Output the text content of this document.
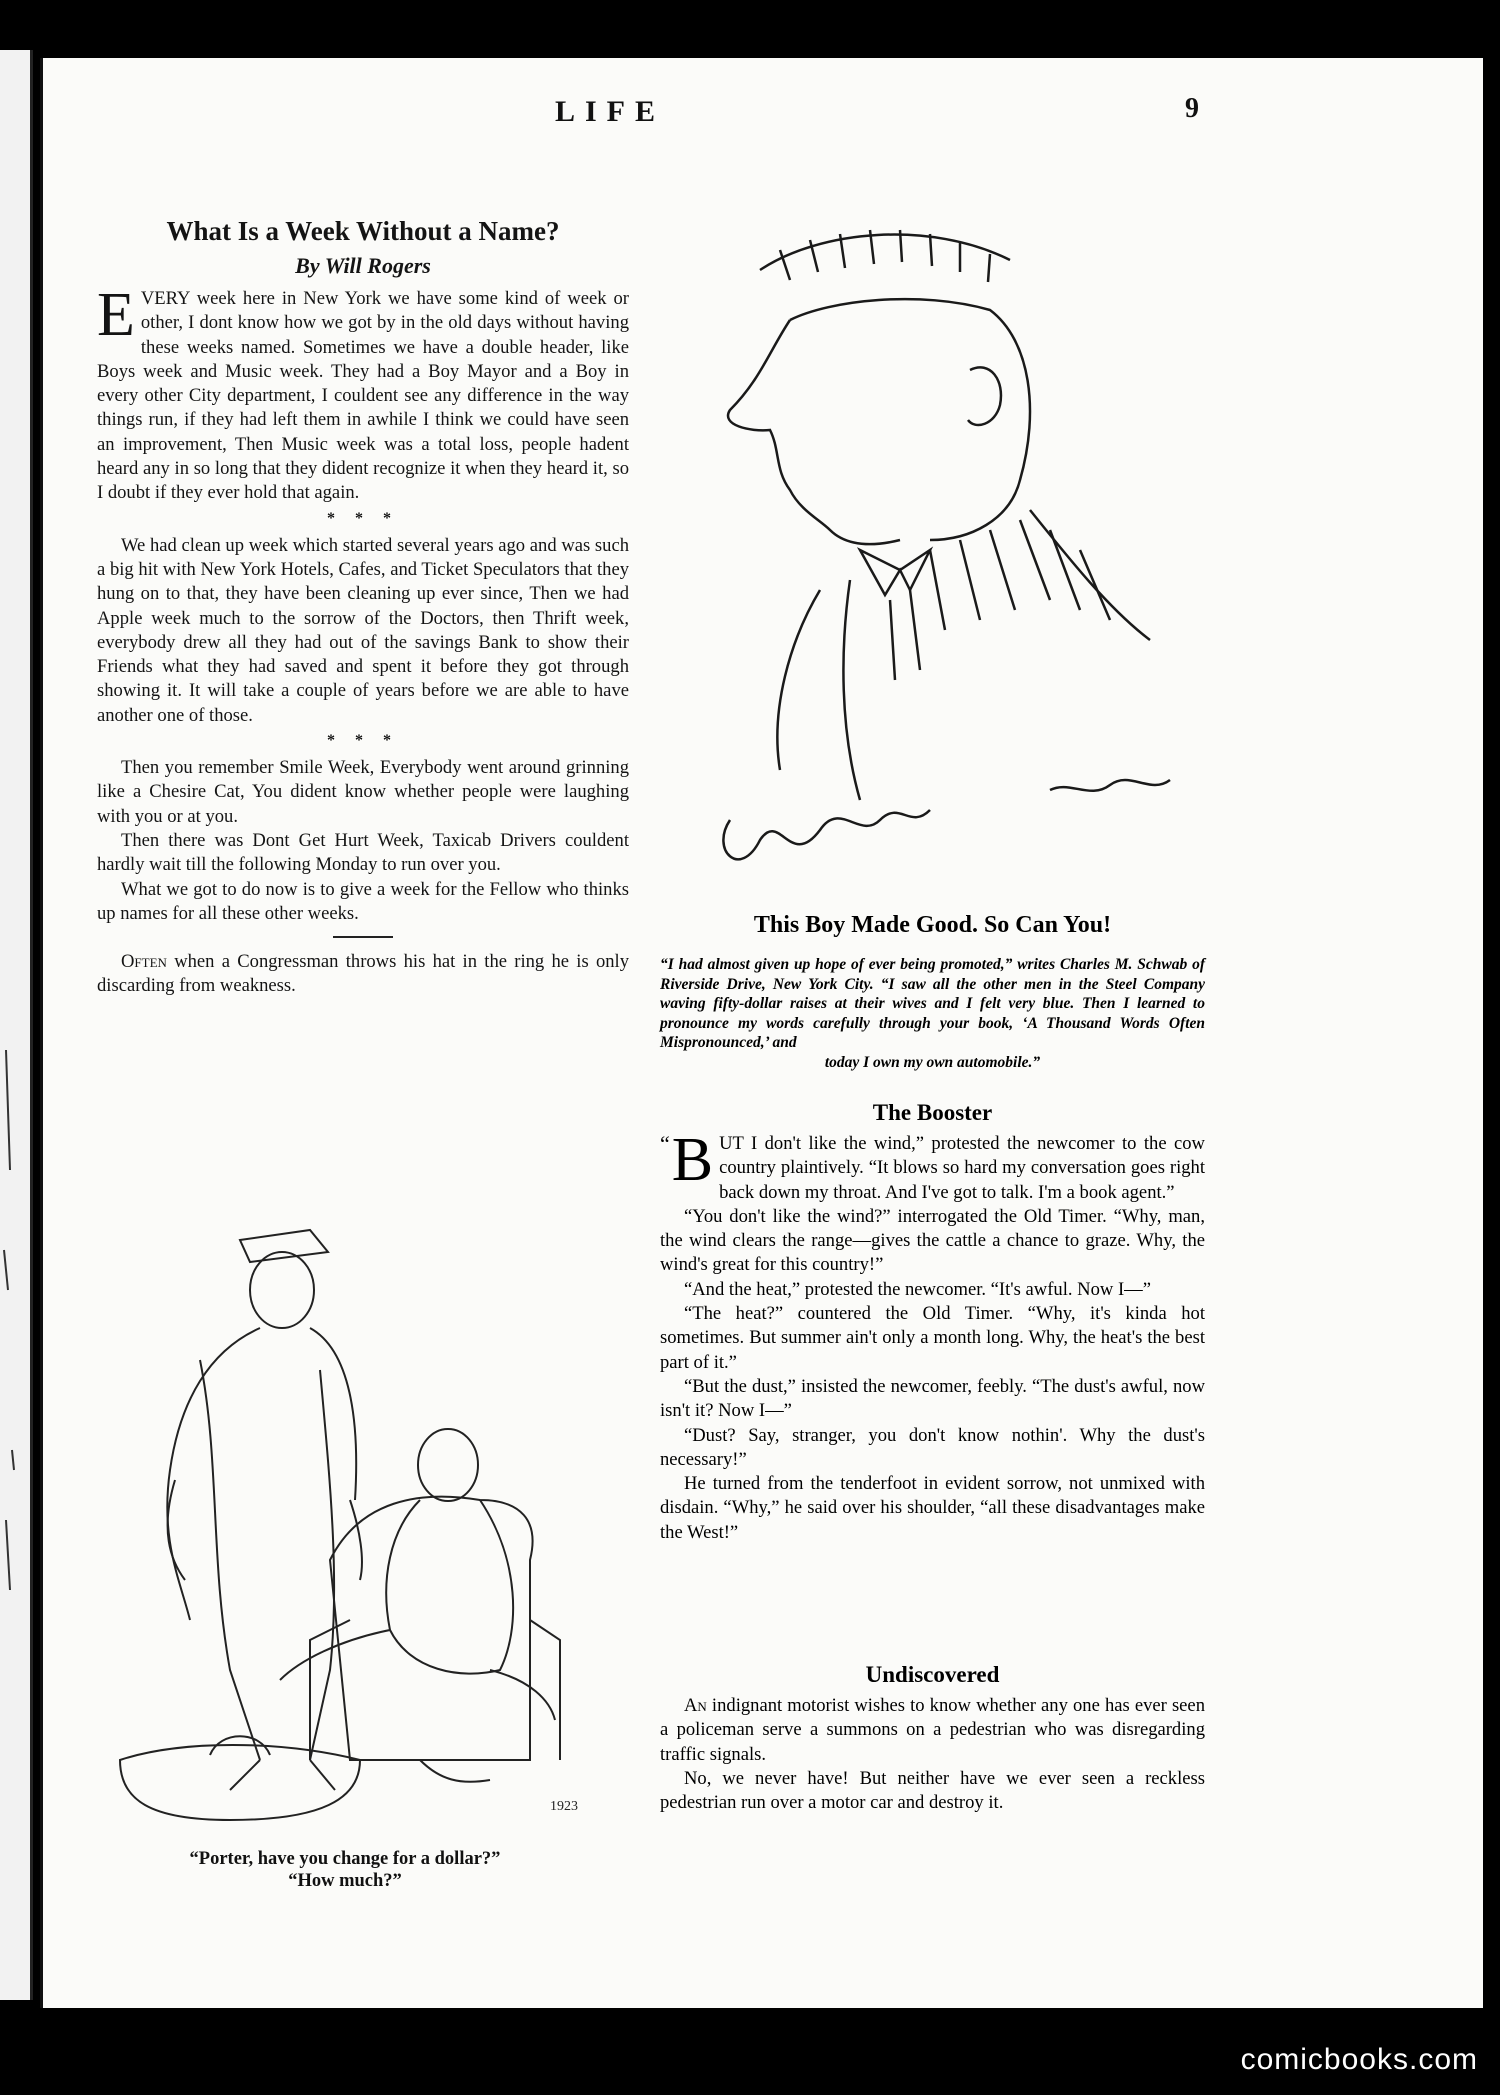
LIFE	9
What Is a Week Without a Name?
By Will Rogers

EVERY week here in New York we have some kind of week or other, I dont know how we got by in the old days without having these weeks named. Sometimes we have a double header, like Boys week and Music week. They had a Boy Mayor and a Boy in every other City department, I couldent see any difference in the way things run, if they had left them in awhile I think we could have seen an improvement, Then Music week was a total loss, people hadent heard any in so long that they dident recognize it when they heard it, so I doubt if they ever hold that again.

* * *

We had clean up week which started several years ago and was such a big hit with New York Hotels, Cafes, and Ticket Speculators that they hung on to that, they have been cleaning up ever since, Then we had Apple week much to the sorrow of the Doctors, then Thrift week, everybody drew all they had out of the savings Bank to show their Friends what they had saved and spent it before they got through showing it. It will take a couple of years before we are able to have another one of those.

* * *

Then you remember Smile Week, Everybody went around grinning like a Chesire Cat, You dident know whether people were laughing with you or at you.

Then there was Dont Get Hurt Week, Taxicab Drivers couldent hardly wait till the following Monday to run over you.

What we got to do now is to give a week for the Fellow who thinks up names for all these other weeks.

Often when a Congressman throws his hat in the ring he is only discarding from weakness.

1923
“Porter, have you change for a dollar?”
“How much?”
This Boy Made Good. So Can You!
“I had almost given up hope of ever being promoted,” writes Charles M. Schwab of Riverside Drive, New York City. “I saw all the other men in the Steel Company waving fifty-dollar raises at their wives and I felt very blue. Then I learned to pronounce my words carefully through your book, ‘A Thousand Words Often Mispronounced,’ and
today I own my own automobile.”
The Booster

“ B UT I don't like the wind,” protested the newcomer to the cow country plaintively. “It blows so hard my conversation goes right back down my throat. And I've got to talk. I'm a book agent.”

“You don't like the wind?” interrogated the Old Timer. “Why, man, the wind clears the range—gives the cattle a chance to graze. Why, the wind's great for this country!”

“And the heat,” protested the newcomer. “It's awful. Now I—”

“The heat?” countered the Old Timer. “Why, it's kinda hot sometimes. But summer ain't only a month long. Why, the heat's the best part of it.”

“But the dust,” insisted the newcomer, feebly. “The dust's awful, now isn't it? Now I—”

“Dust? Say, stranger, you don't know nothin'. Why the dust's necessary!”

He turned from the tenderfoot in evident sorrow, not unmixed with disdain. “Why,” he said over his shoulder, “all these disadvantages make the West!”

Undiscovered

An indignant motorist wishes to know whether any one has ever seen a policeman serve a summons on a pedestrian who was disregarding traffic signals.

No, we never have! But neither have we ever seen a reckless pedestrian run over a motor car and destroy it.

comicbooks.com
